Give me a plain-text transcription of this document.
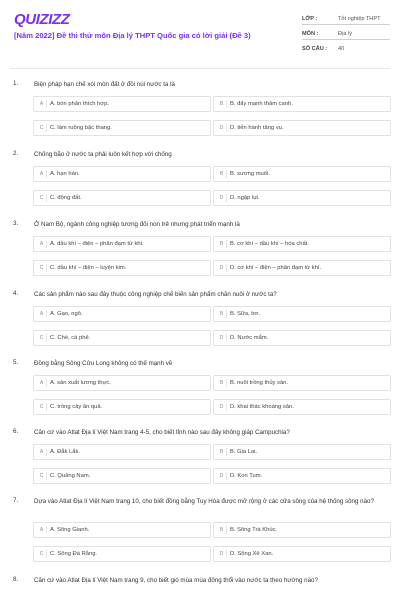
QUIZIZZ
[Năm 2022] Đề thi thử môn Địa lý THPT Quốc gia có lời giải (Đề 3)
LỚP :	Tốt nghiệp THPT
MÔN :	Địa lý
SỐ CÂU : 40
1.	Biện pháp hạn chế xói mòn đất ở đồi núi nước ta là
A	A. bón phân thích hợp.	B	B. đẩy mạnh thâm canh.
C	C. làm ruộng bậc thang.	D	D. tiến hành tăng vụ.
2.	Chống bão ở nước ta phải luôn kết hợp với chống
A	A. hạn hán.	B	B. sương muối.
C	C. động đất.	D	D. ngập lụt.
3.	Ở Nam Bộ, ngành công nghiệp tương đối non trẻ nhưng phát triển mạnh là
A	A. dầu khí – điện – phân đạm từ khí.	B	B. cơ khí – dầu khí – hóa chất.
C	C. dầu khí – điện – luyện kim.	D	D. cơ khí – điện – phân đạm từ khí.
4.	Các sản phẩm nào sau đây thuộc công nghiệp chế biến sản phẩm chăn nuôi ở nước ta?
A	A. Gạo, ngô.	B	B. Sữa, bơ.
C	C. Chè, cà phê.	D	D. Nước mắm.
5.	Đồng bằng Sông Cửu Long không có thế mạnh về
A	A. sản xuất lương thực.	B	B. nuôi trồng thủy sản.
C	C. trồng cây ăn quả.	D	D. khai thác khoáng sản.
6.	Căn cứ vào Atlat Địa lí Việt Nam trang 4-5, cho biết tỉnh nào sau đây không giáp Campuchia?
A	A. Đắk Lắk.	B	B. Gia Lai.
C	C. Quảng Nam.	D	D. Kon Tum.
7.	Dựa vào Atlat Địa lí Việt Nam trang 10, cho biết đồng bằng Tuy Hòa được mở rộng ở các cửa sông của hệ thống sông nào?
A	A. Sông Gianh.	B	B. Sông Trà Khúc.
C	C. Sông Đà Rằng.	D	D. Sông Xê Xan.
8.	Căn cứ vào Atlat Địa lí Việt Nam trang 9, cho biết gió mùa mùa đông thổi vào nước ta theo hướng nào?
